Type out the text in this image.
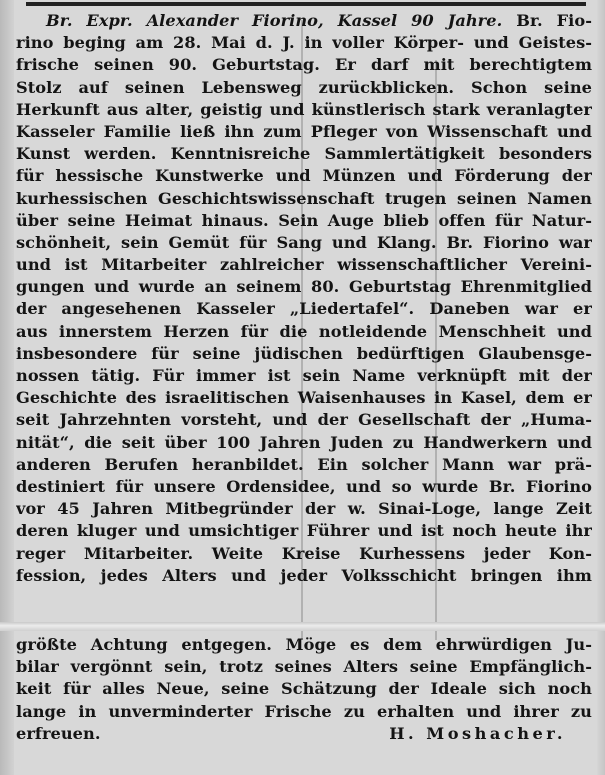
Br. Expr. Alexander Fiorino, Kassel 90 Jahre. Br. Fio-
rino beging am 28. Mai d. J. in voller Körper- und Geistes-
frische seinen 90. Geburtstag. Er darf mit berechtigtem
Stolz auf seinen Lebensweg zurückblicken. Schon seine
Herkunft aus alter, geistig und künstlerisch stark veranlagter
Kasseler Familie ließ ihn zum Pfleger von Wissenschaft und
Kunst werden. Kenntnisreiche Sammlertätigkeit besonders
für hessische Kunstwerke und Münzen und Förderung der
kurhessischen Geschichtswissenschaft trugen seinen Namen
über seine Heimat hinaus. Sein Auge blieb offen für Natur-
schönheit, sein Gemüt für Sang und Klang. Br. Fiorino war
und ist Mitarbeiter zahlreicher wissenschaftlicher Vereini-
gungen und wurde an seinem 80. Geburtstag Ehrenmitglied
der angesehenen Kasseler „Liedertafel“. Daneben war er
aus innerstem Herzen für die notleidende Menschheit und
insbesondere für seine jüdischen bedürftigen Glaubensge-
nossen tätig. Für immer ist sein Name verknüpft mit der
Geschichte des israelitischen Waisenhauses in Kasel, dem er
seit Jahrzehnten vorsteht, und der Gesellschaft der „Huma-
nität“, die seit über 100 Jahren Juden zu Handwerkern und
anderen Berufen heranbildet. Ein solcher Mann war prä-
destiniert für unsere Ordensidee, und so wurde Br. Fiorino
vor 45 Jahren Mitbegründer der w. Sinai-Loge, lange Zeit
deren kluger und umsichtiger Führer und ist noch heute ihr
reger Mitarbeiter. Weite Kreise Kurhessens jeder Kon-
fession, jedes Alters und jeder Volksschicht bringen ihm
größte Achtung entgegen. Möge es dem ehrwürdigen Ju-
bilar vergönnt sein, trotz seines Alters seine Empfänglich-
keit für alles Neue, seine Schätzung der Ideale sich noch
lange in unverminderter Frische zu erhalten und ihrer zu
erfreuen.	H. Moshacher.
